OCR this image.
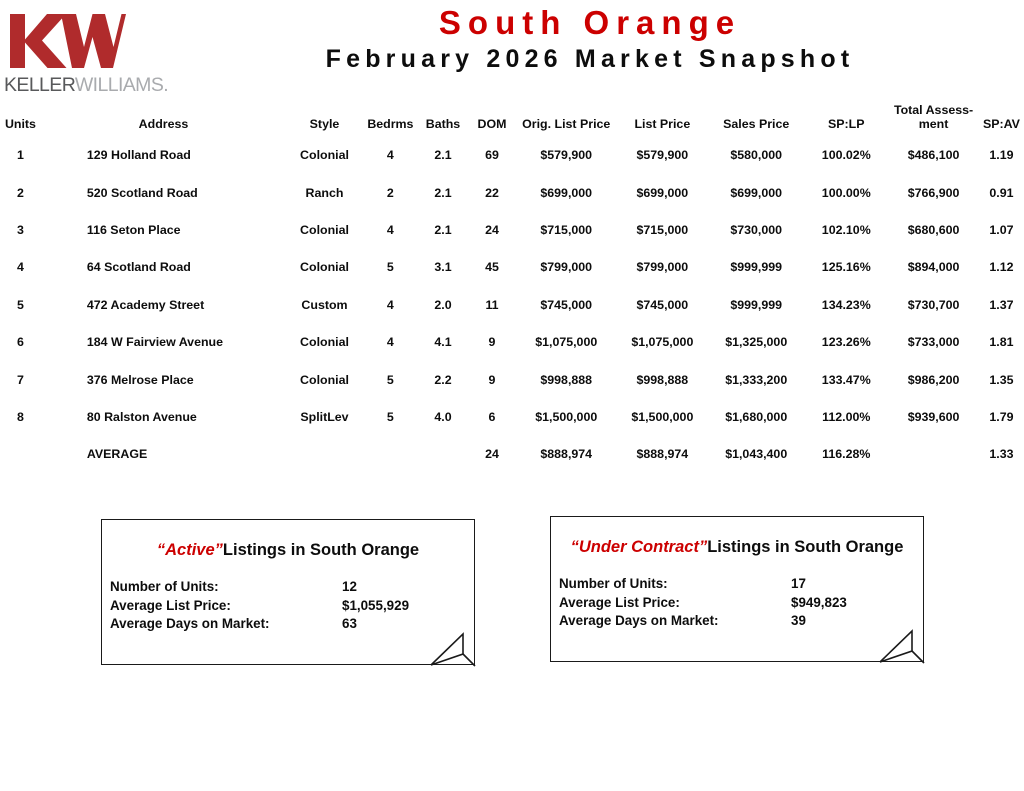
KELLERWILLIAMS.
South Orange
February 2026 Market Snapshot
Units	Address	Style	Bedrms	Baths	DOM	Orig. List Price	List Price	Sales Price	SP:LP	Total Assess-
ment	SP:AV
1	129 Holland Road	Colonial	4	2.1	69	$579,900	$579,900	$580,000	100.02%	$486,100	1.19
2	520 Scotland Road	Ranch	2	2.1	22	$699,000	$699,000	$699,000	100.00%	$766,900	0.91
3	116 Seton Place	Colonial	4	2.1	24	$715,000	$715,000	$730,000	102.10%	$680,600	1.07
4	64 Scotland Road	Colonial	5	3.1	45	$799,000	$799,000	$999,999	125.16%	$894,000	1.12
5	472 Academy Street	Custom	4	2.0	11	$745,000	$745,000	$999,999	134.23%	$730,700	1.37
6	184 W Fairview Avenue	Colonial	4	4.1	9	$1,075,000	$1,075,000	$1,325,000	123.26%	$733,000	1.81
7	376 Melrose Place	Colonial	5	2.2	9	$998,888	$998,888	$1,333,200	133.47%	$986,200	1.35
8	80 Ralston Avenue	SplitLev	5	4.0	6	$1,500,000	$1,500,000	$1,680,000	112.00%	$939,600	1.79
	AVERAGE				24	$888,974	$888,974	$1,043,400	116.28%		1.33
“Active”Listings in South Orange
Number of Units:	12
Average List Price:	$1,055,929
Average Days on Market:	63
“Under Contract”Listings in South Orange
Number of Units:	17
Average List Price:	$949,823
Average Days on Market:	39
